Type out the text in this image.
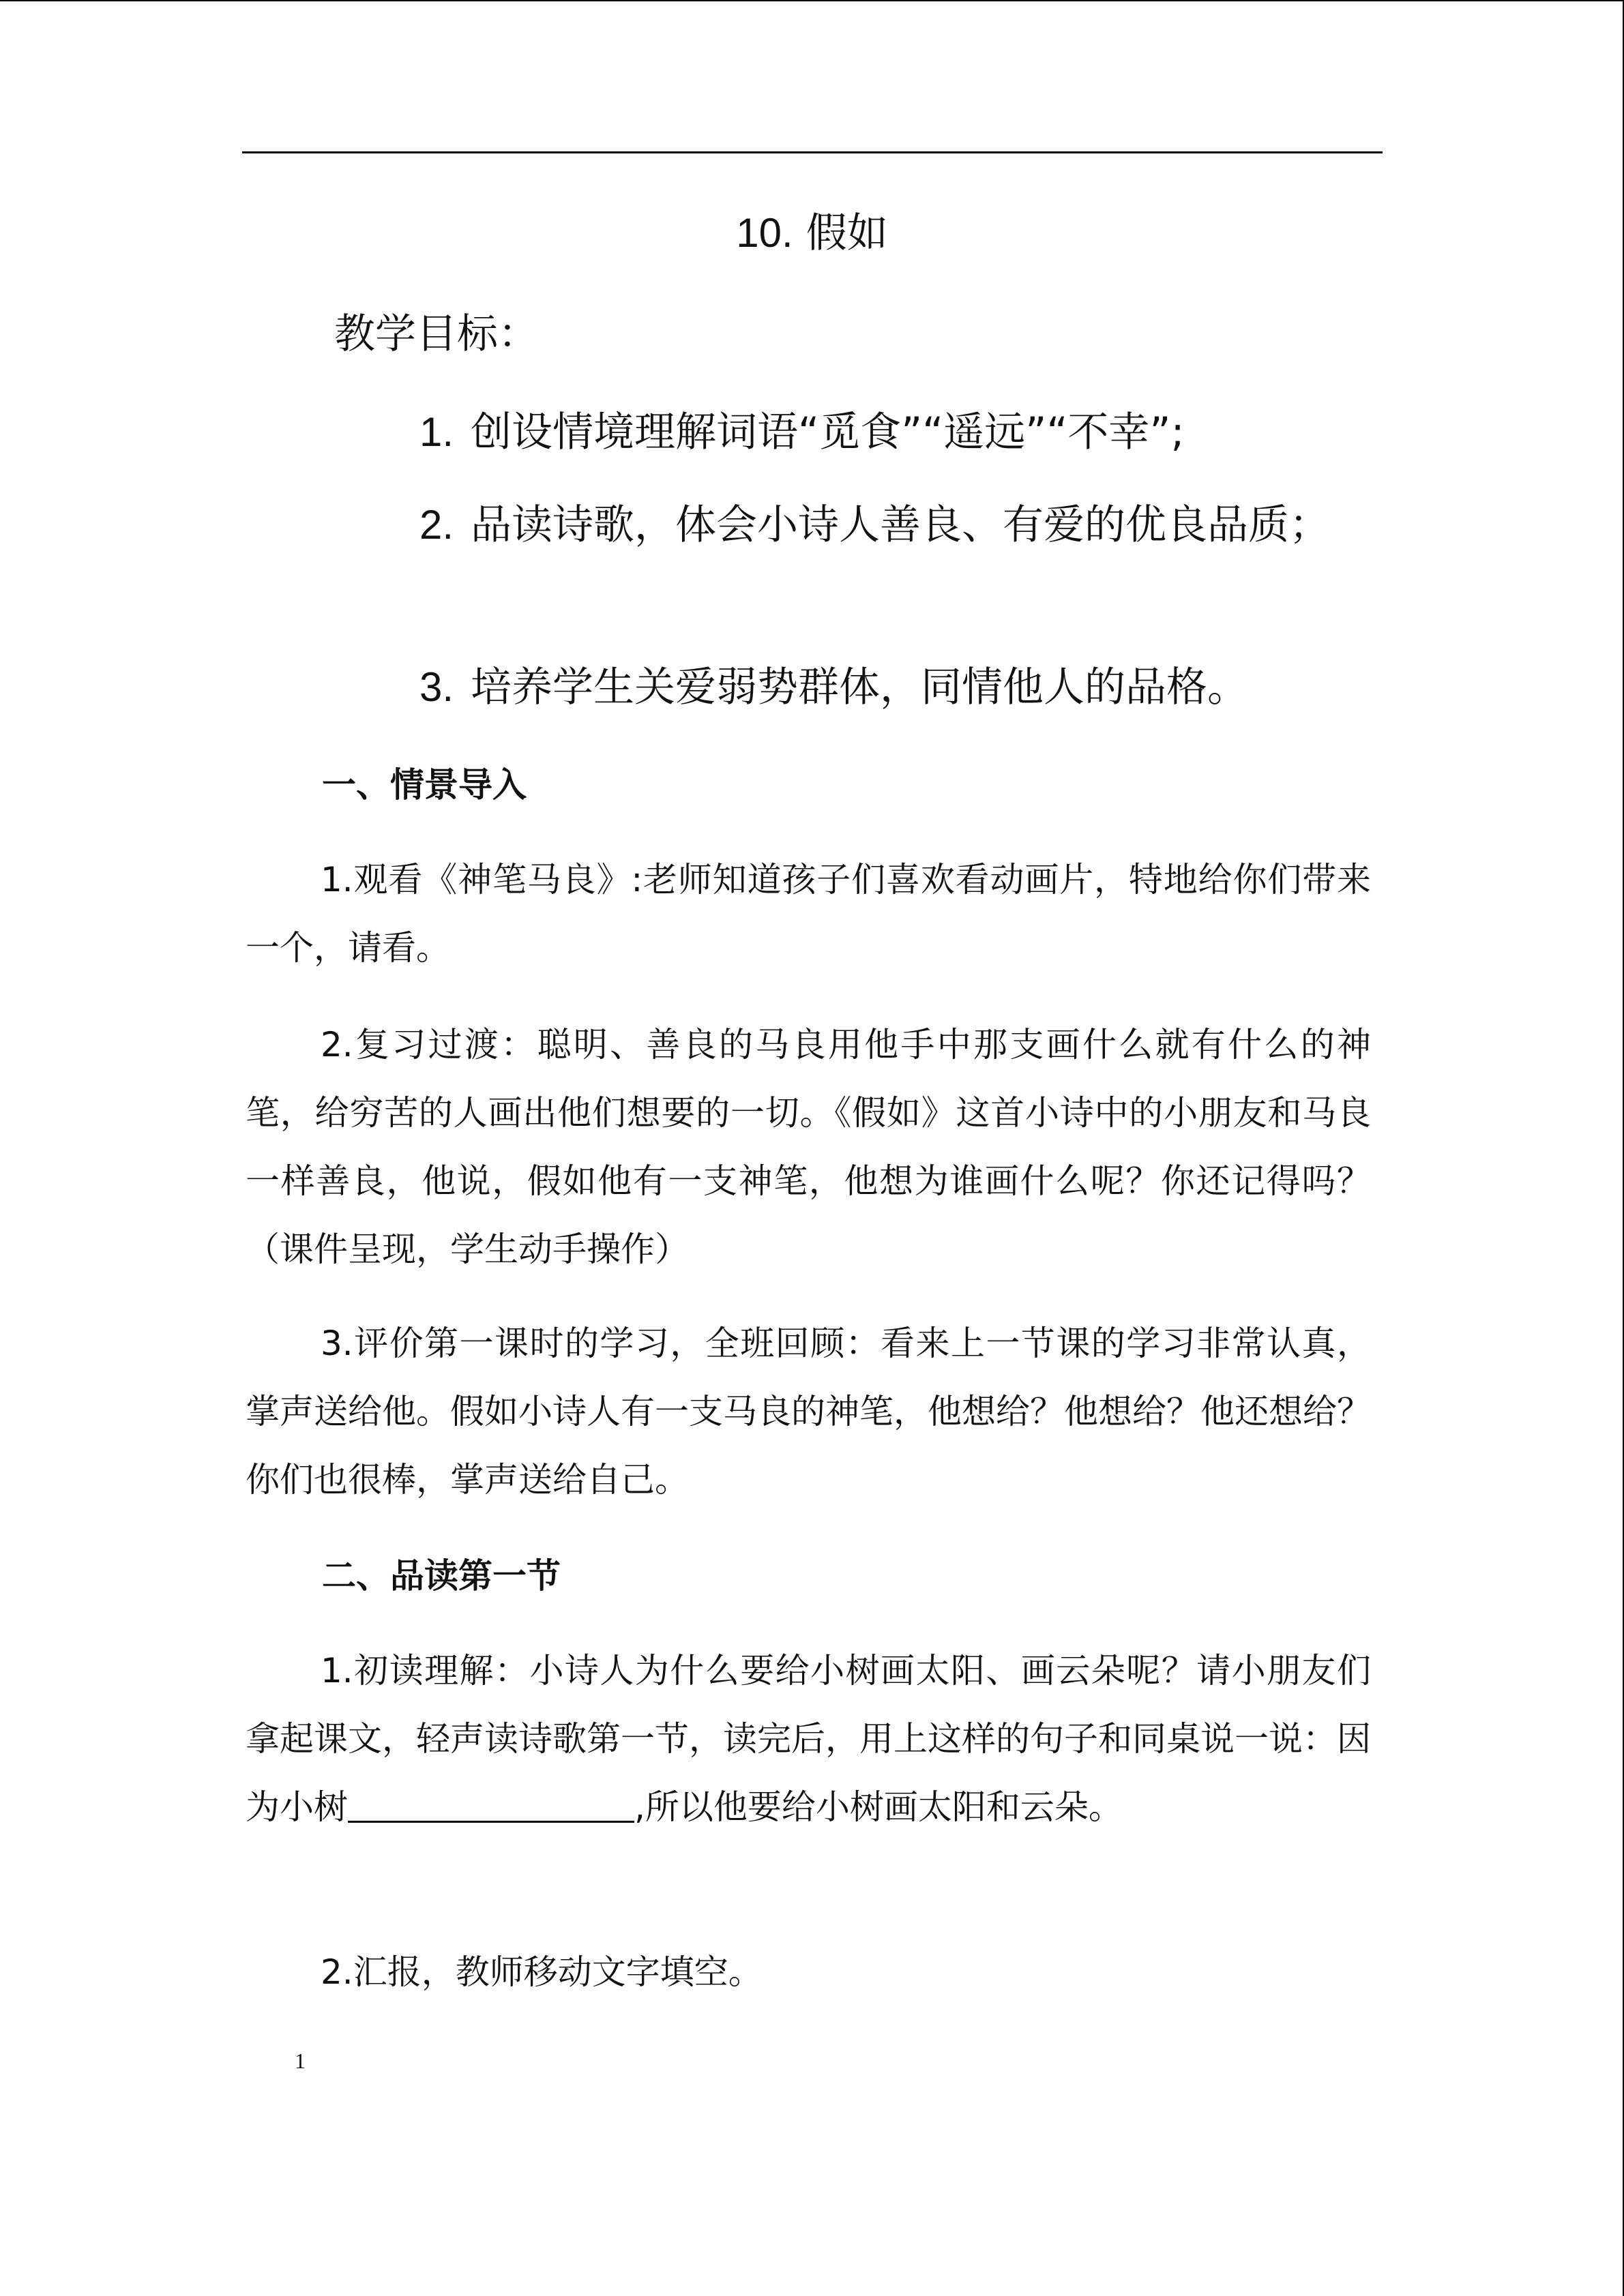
10. 假如
教学目标：
1. 创设情境理解词语“觅食”“遥远”“不幸”;
2. 品读诗歌，体会小诗人善良、有爱的优良品质；
3. 培养学生关爱弱势群体，同情他人的品格。
一、情景导入
1.观看《神笔马良》:老师知道孩子们喜欢看动画片，特地给你们带来一个，请看。
2.复习过渡：聪明、善良的马良用他手中那支画什么就有什么的神笔，给穷苦的人画出他们想要的一切。《假如》这首小诗中的小朋友和马良一样善良，他说，假如他有一支神笔，他想为谁画什么呢？你还记得吗？（课件呈现，学生动手操作）
3.评价第一课时的学习，全班回顾：看来上一节课的学习非常认真，掌声送给他。假如小诗人有一支马良的神笔，他想给？他想给？他还想给？你们也很棒，掌声送给自己。
二、品读第一节
1.初读理解：小诗人为什么要给小树画太阳、画云朵呢？请小朋友们拿起课文，轻声读诗歌第一节，读完后，用上这样的句子和同桌说一说：因为小树	,所以他要给小树画太阳和云朵。
2.汇报，教师移动文字填空。
1
